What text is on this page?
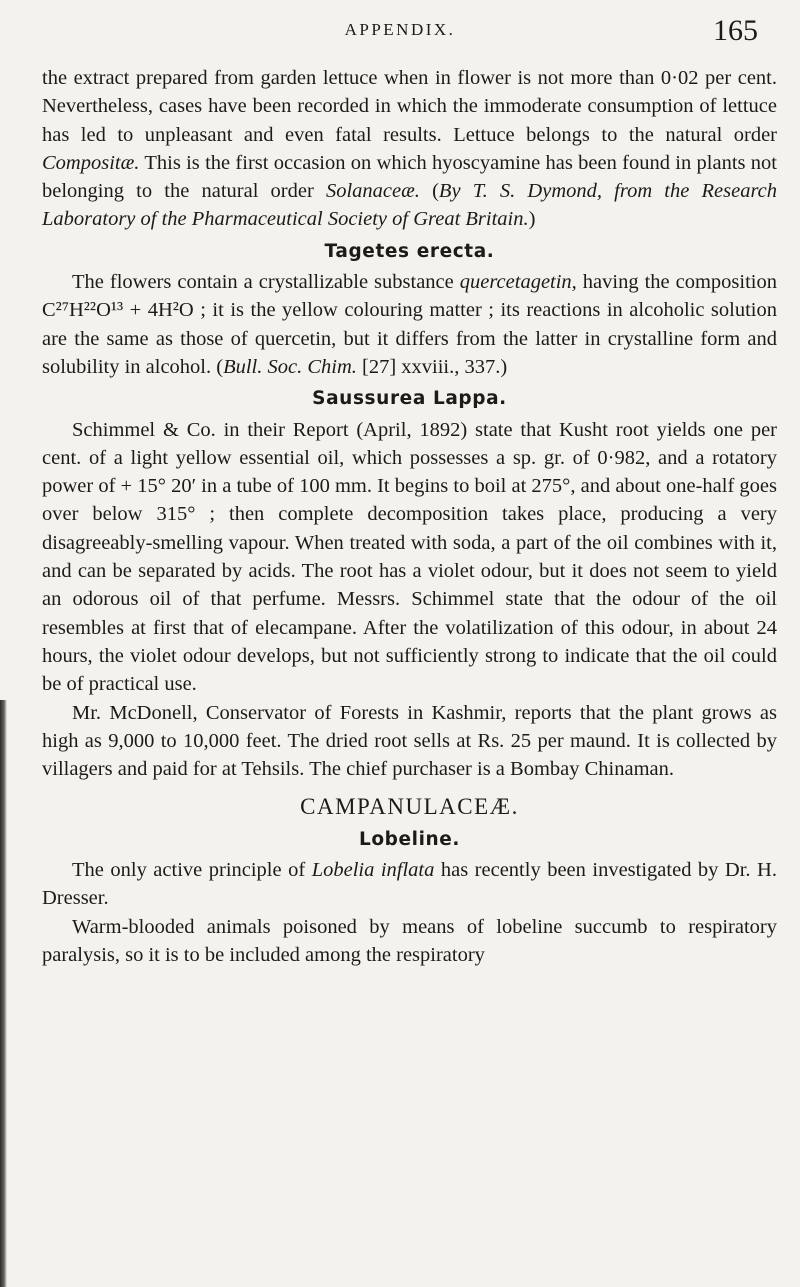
APPENDIX.	165

the extract prepared from garden lettuce when in flower is not more than 0·02 per cent. Nevertheless, cases have been recorded in which the immoderate consumption of lettuce has led to unpleasant and even fatal results. Lettuce belongs to the natural order Compositæ. This is the first occasion on which hyoscyamine has been found in plants not belonging to the natural order Solanaceæ. (By T. S. Dymond, from the Research Laboratory of the Pharmaceutical Society of Great Britain.)

Tagetes erecta.

The flowers contain a crystallizable substance quercetagetin, having the composition C²⁷H²²O¹³ + 4H²O ; it is the yellow colouring matter ; its reactions in alcoholic solution are the same as those of quercetin, but it differs from the latter in crystalline form and solubility in alcohol. (Bull. Soc. Chim. [27] xxviii., 337.)

Saussurea Lappa.

Schimmel & Co. in their Report (April, 1892) state that Kusht root yields one per cent. of a light yellow essential oil, which possesses a sp. gr. of 0·982, and a rotatory power of + 15° 20′ in a tube of 100 mm. It begins to boil at 275°, and about one-half goes over below 315° ; then complete decomposition takes place, producing a very disagreeably-smelling vapour. When treated with soda, a part of the oil combines with it, and can be separated by acids. The root has a violet odour, but it does not seem to yield an odorous oil of that perfume. Messrs. Schimmel state that the odour of the oil resembles at first that of elecampane. After the volatilization of this odour, in about 24 hours, the violet odour develops, but not sufficiently strong to indicate that the oil could be of practical use.

Mr. McDonell, Conservator of Forests in Kashmir, reports that the plant grows as high as 9,000 to 10,000 feet. The dried root sells at Rs. 25 per maund. It is collected by villagers and paid for at Tehsils. The chief purchaser is a Bombay Chinaman.

CAMPANULACEÆ.
Lobeline.

The only active principle of Lobelia inflata has recently been investigated by Dr. H. Dresser.

Warm-blooded animals poisoned by means of lobeline succumb to respiratory paralysis, so it is to be included among the respiratory
